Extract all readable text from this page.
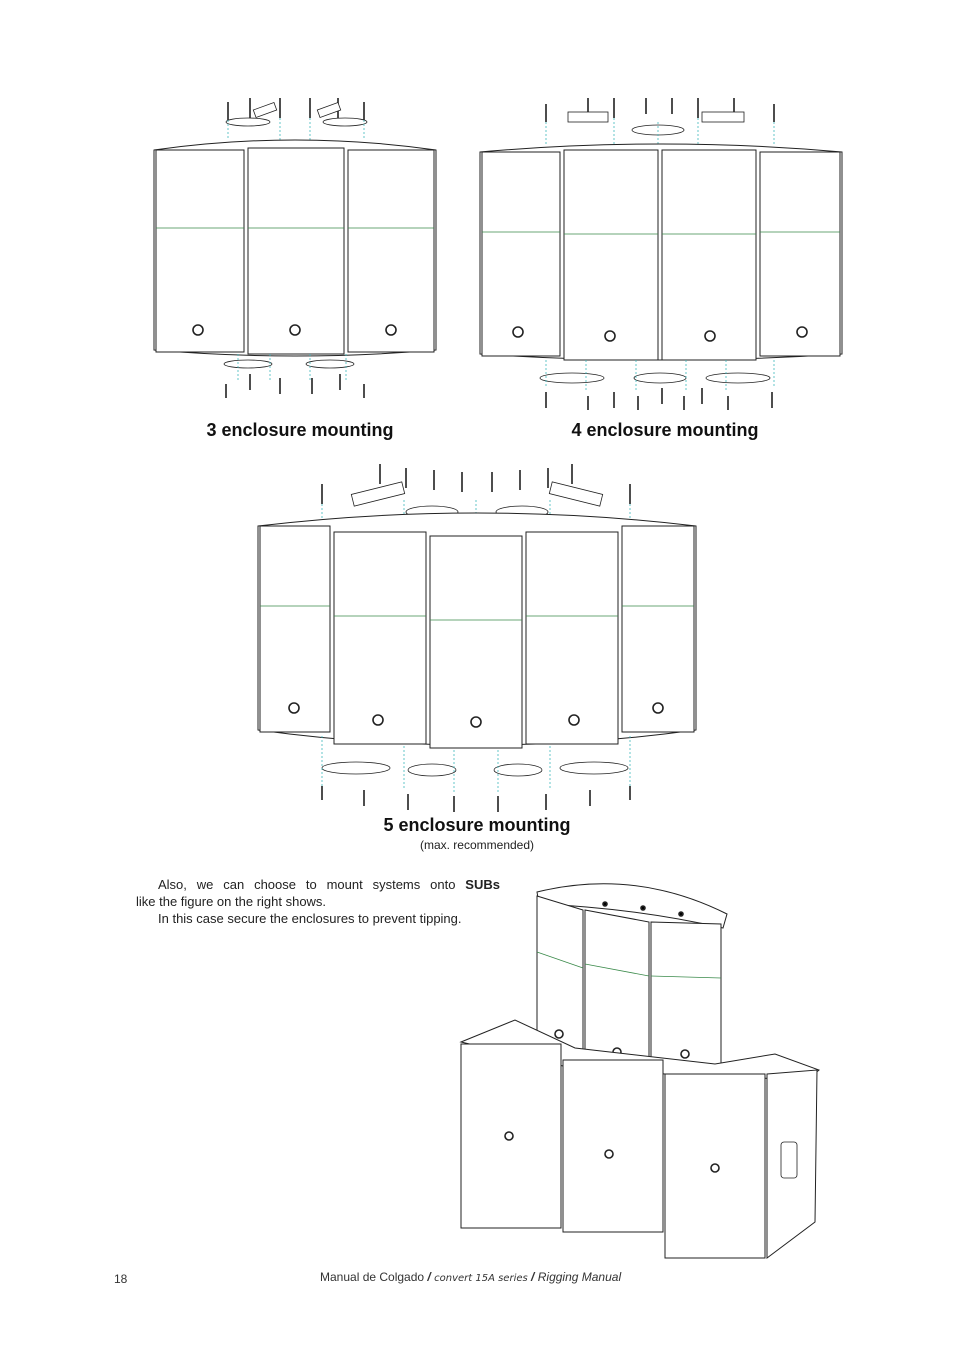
3 enclosure mounting	4 enclosure mounting
5 enclosure mounting
(max. recommended)

Also, we can choose to mount systems onto SUBs

like the figure on the right shows.

In this case secure the enclosures to prevent tipping.

18	Manual de Colgado / convert 15A series / Rigging Manual
